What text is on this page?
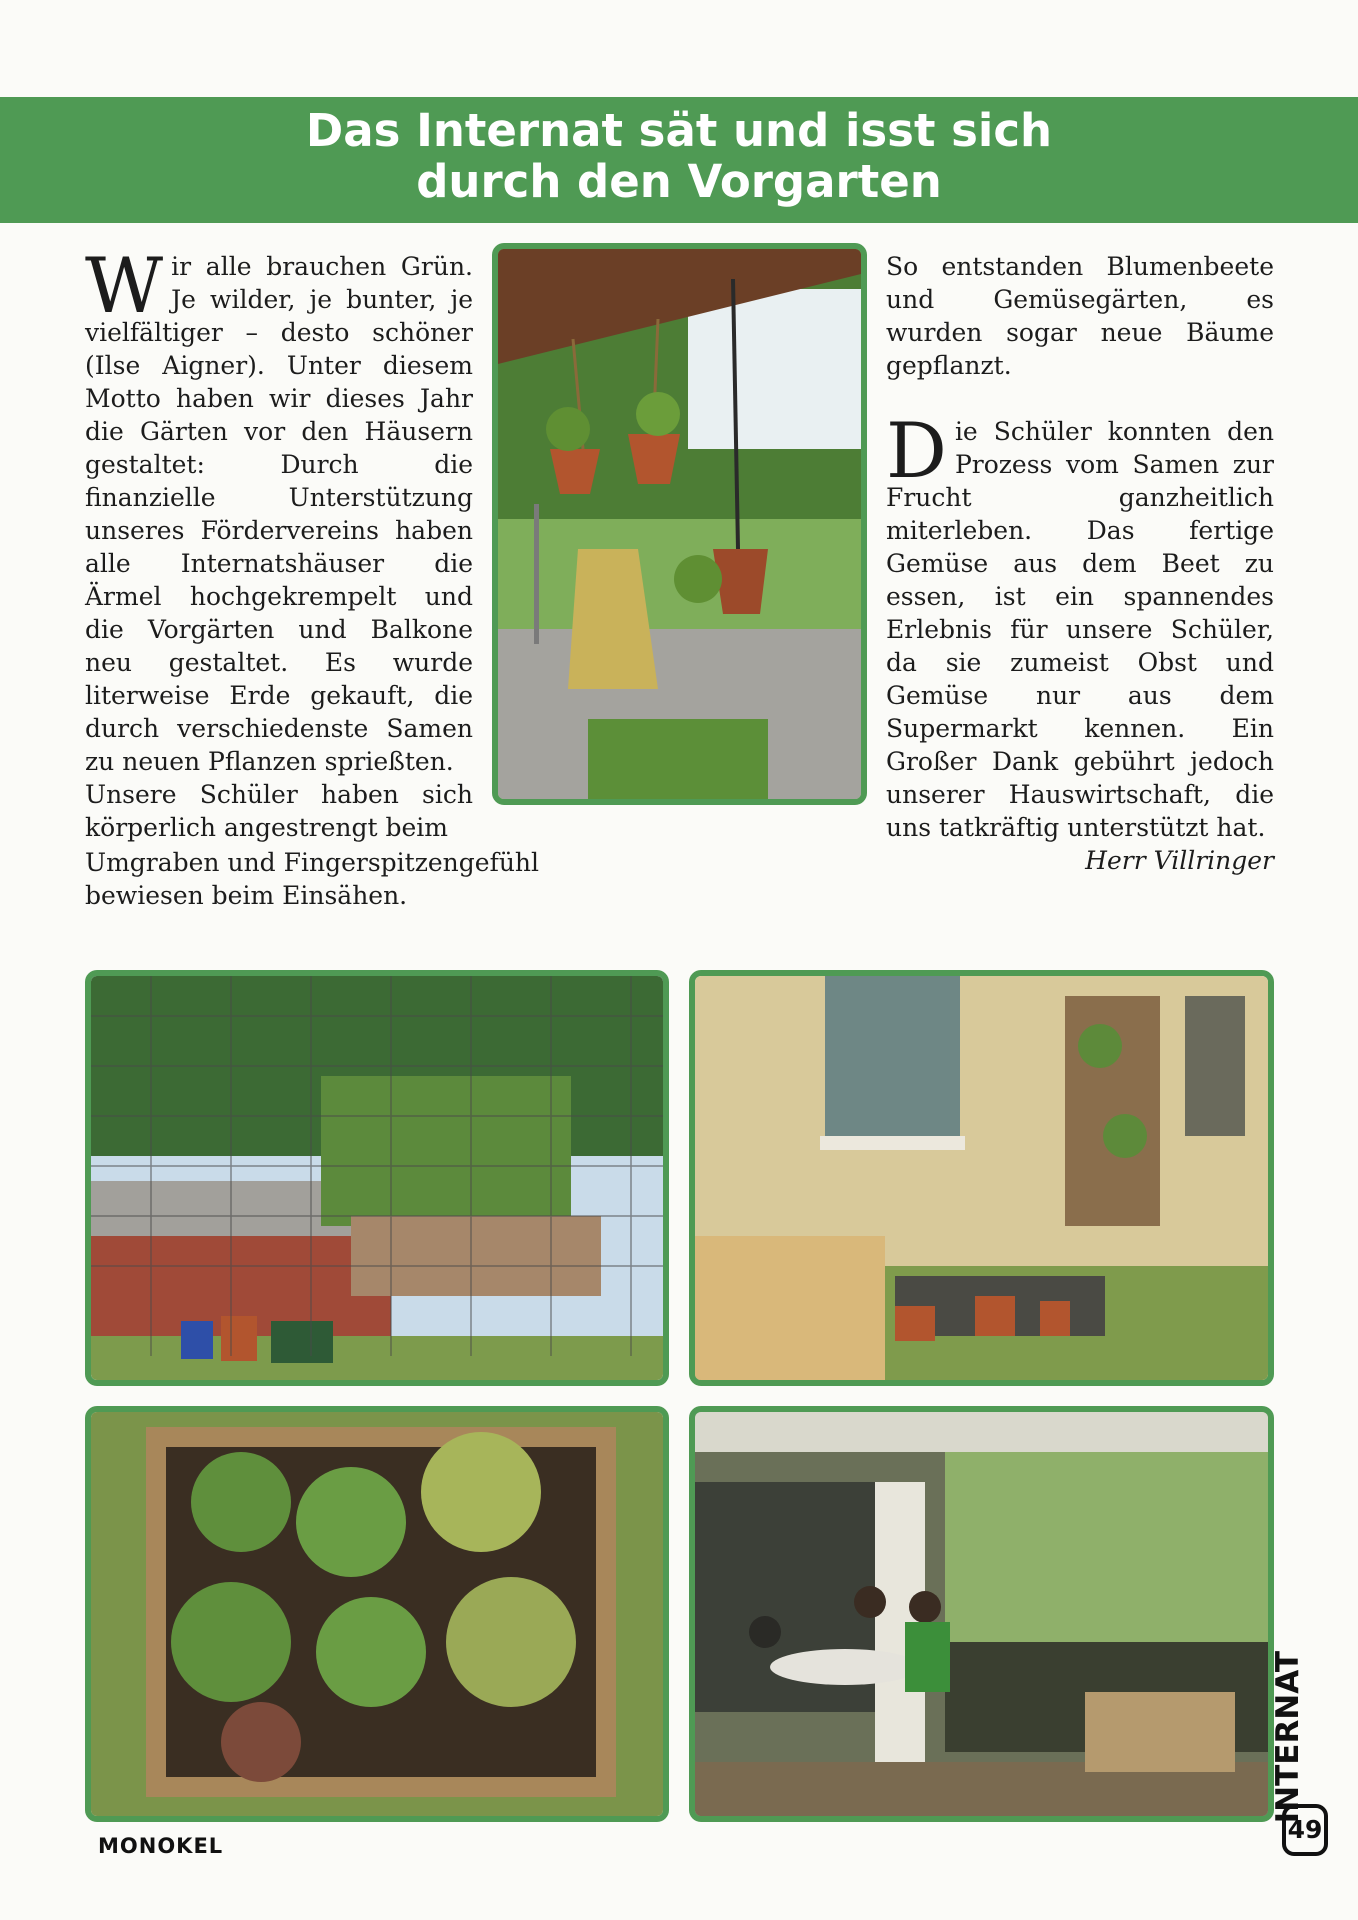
Das Internat sät und isst sich
durch den Vorgarten

Wir alle brauchen Grün. Je wilder, je bunter, je vielfältiger – desto schöner (Ilse Aigner). Unter diesem Motto haben wir dieses Jahr die Gärten vor den Häusern gestaltet: Durch die finanzielle Unterstützung unseres Fördervereins haben alle Internatshäuser die Ärmel hochgekrempelt und die Vorgärten und Balkone neu gestaltet. Es wurde literweise Erde gekauft, die durch verschiedenste Samen zu neuen Pflanzen sprießten.

Unsere Schüler haben sich körperlich angestrengt beim

Umgraben und Fingerspitzengefühl bewiesen beim Einsähen.

So entstanden Blumenbeete und Gemüsegärten, es wurden sogar neue Bäume gepflanzt.

Die Schüler konnten den Prozess vom Samen zur Frucht ganzheitlich miterleben. Das fertige Gemüse aus dem Beet zu essen, ist ein spannendes Erlebnis für unsere Schüler, da sie zumeist Obst und Gemüse nur aus dem Supermarkt kennen. Ein Großer Dank gebührt jedoch unserer Hauswirtschaft, die uns tatkräftig unterstützt hat.

Herr Villringer

MONOKEL
INTERNAT
49
